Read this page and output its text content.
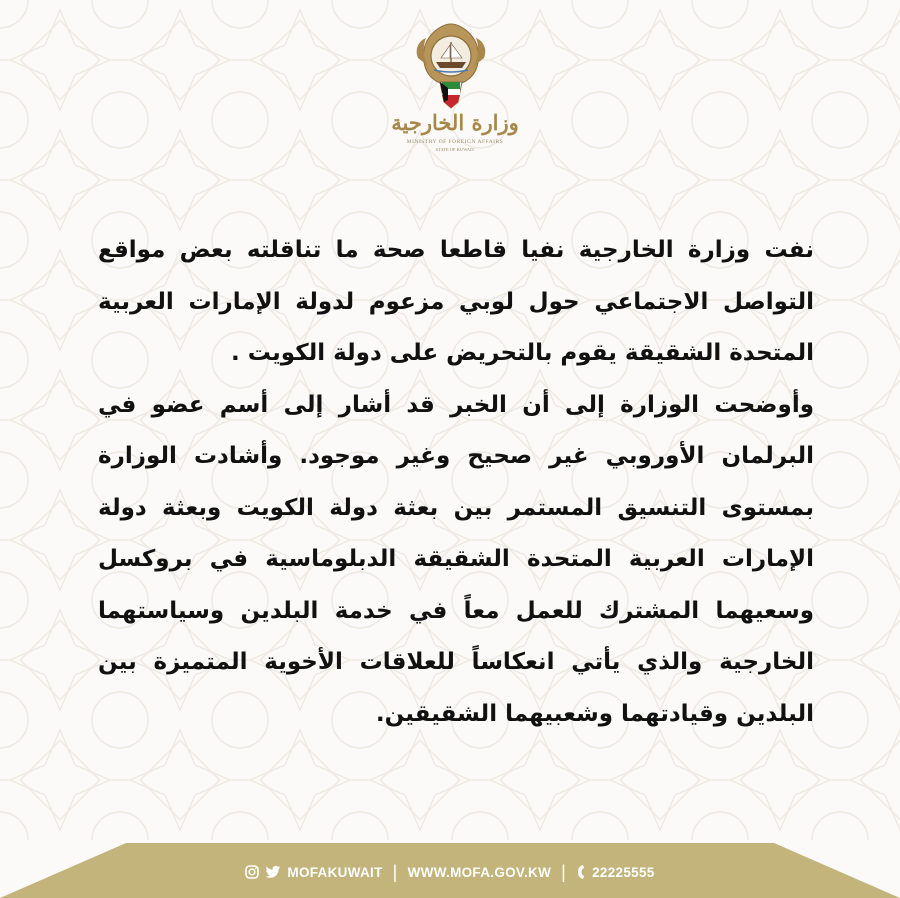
وزارة الخارجية
MINISTRY OF FOREIGN AFFAIRS
STATE OF KUWAIT

نفت وزارة الخارجية نفيا قاطعا صحة ما تناقلته بعض مواقع التواصل الاجتماعي حول لوبي مزعوم لدولة الإمارات العربية المتحدة الشقيقة يقوم بالتحريض على دولة الكويت .

وأوضحت الوزارة إلى أن الخبر قد أشار إلى أسم عضو في البرلمان الأوروبي غير صحيح وغير موجود. وأشادت الوزارة بمستوى التنسيق المستمر بين بعثة دولة الكويت وبعثة دولة الإمارات العربية المتحدة الشقيقة الدبلوماسية في بروكسل وسعيهما المشترك للعمل معاً في خدمة البلدين وسياستهما الخارجية والذي يأتي انعكاساً للعلاقات الأخوية المتميزة بين البلدين وقيادتهما وشعبيهما الشقيقين.

MOFAKUWAIT | WWW.MOFA.GOV.KW | 22225555
